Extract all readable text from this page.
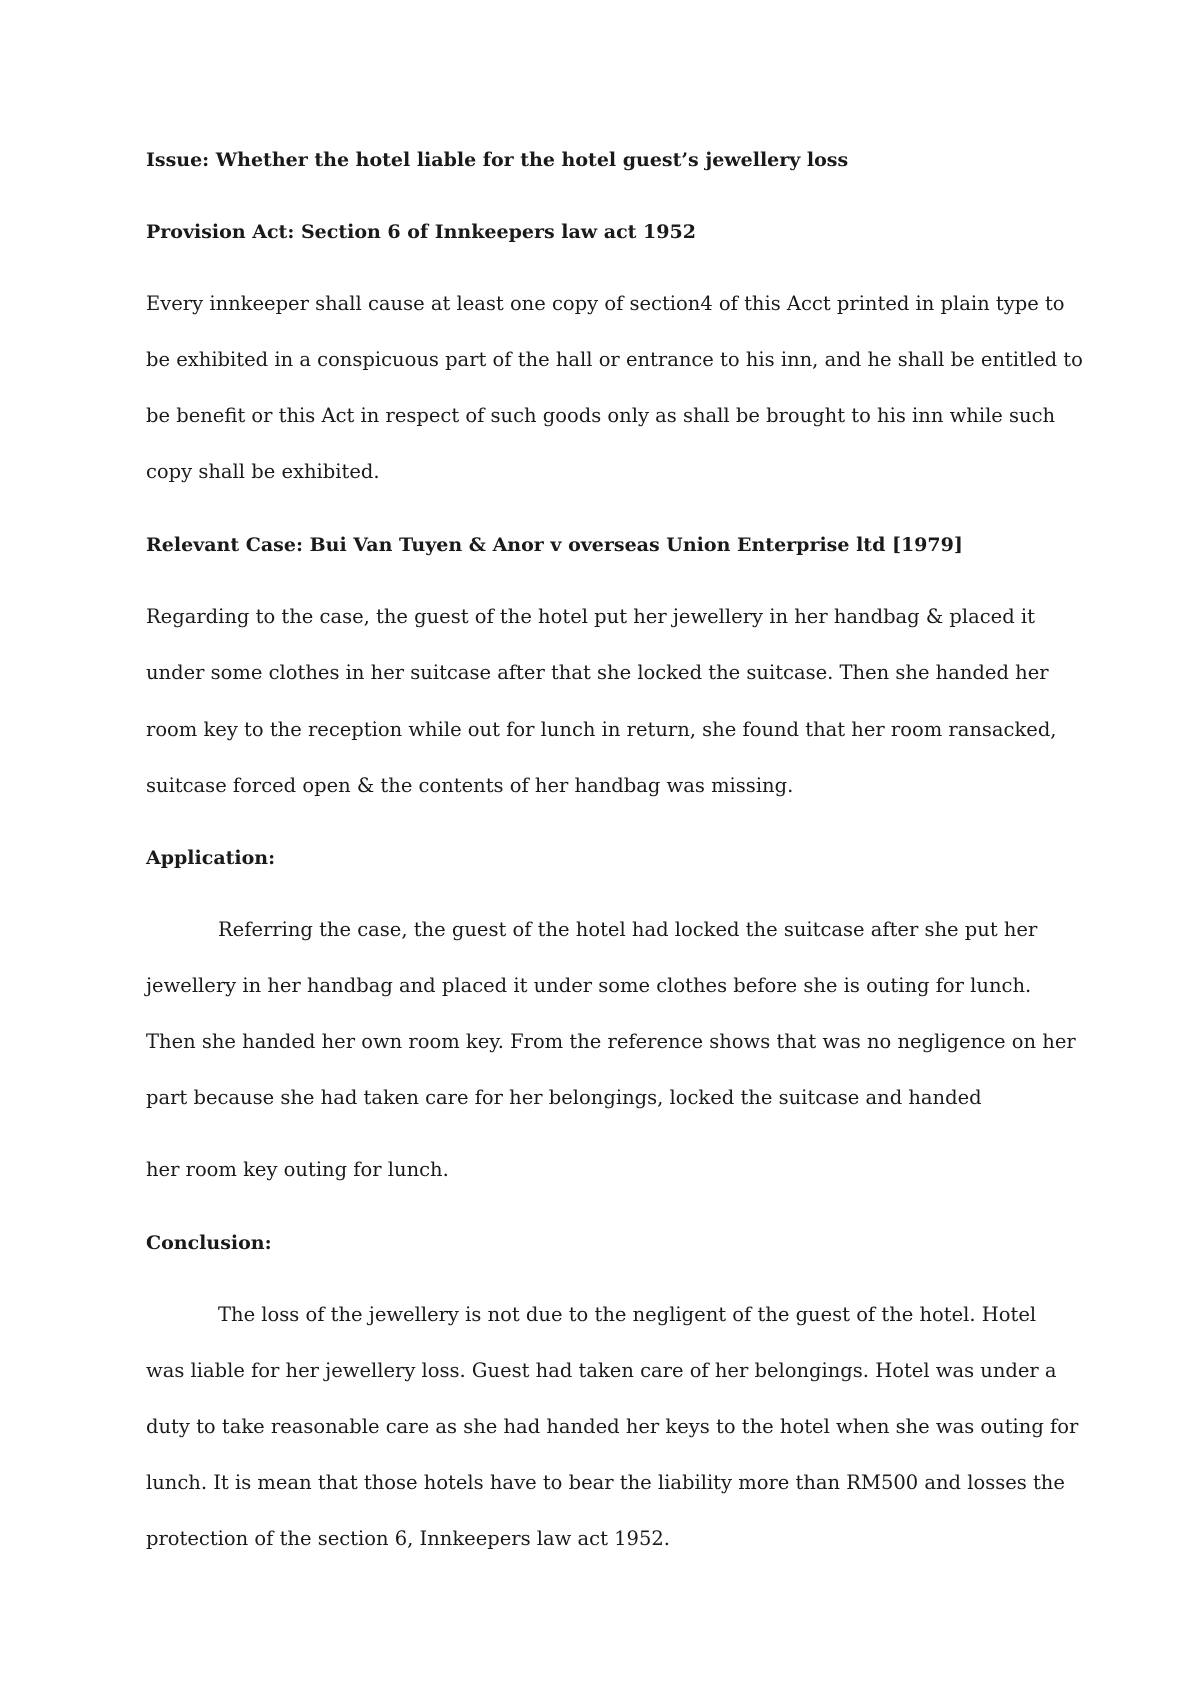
Issue: Whether the hotel liable for the hotel guest’s jewellery loss

Provision Act: Section 6 of Innkeepers law act 1952

Every innkeeper shall cause at least one copy of section4 of this Acct printed in plain type to

be exhibited in a conspicuous part of the hall or entrance to his inn, and he shall be entitled to

be benefit or this Act in respect of such goods only as shall be brought to his inn while such

copy shall be exhibited.

Relevant Case: Bui Van Tuyen & Anor v overseas Union Enterprise ltd [1979]

Regarding to the case, the guest of the hotel put her jewellery in her handbag & placed it

under some clothes in her suitcase after that she locked the suitcase. Then she handed her

room key to the reception while out for lunch in return, she found that her room ransacked,

suitcase forced open & the contents of her handbag was missing.

Application:

Referring the case, the guest of the hotel had locked the suitcase after she put her

jewellery in her handbag and placed it under some clothes before she is outing for lunch.

Then she handed her own room key. From the reference shows that was no negligence on her

part because she had taken care for her belongings, locked the suitcase and handed

her room key outing for lunch.

Conclusion:

The loss of the jewellery is not due to the negligent of the guest of the hotel. Hotel

was liable for her jewellery loss. Guest had taken care of her belongings. Hotel was under a

duty to take reasonable care as she had handed her keys to the hotel when she was outing for

lunch. It is mean that those hotels have to bear the liability more than RM500 and losses the

protection of the section 6, Innkeepers law act 1952.
